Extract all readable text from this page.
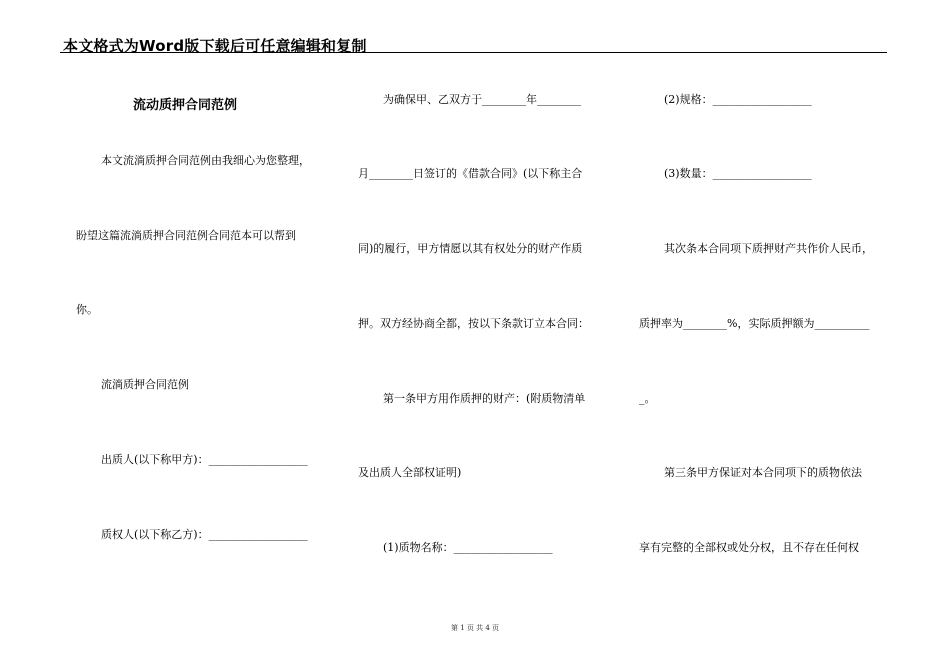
本文格式为Word版下载后可任意编辑和复制
流动质押合同范例
本文流淌质押合同范例由我细心为您整理，
盼望这篇流淌质押合同范例合同范本可以帮到
你。
流淌质押合同范例
出质人(以下称甲方)：__________________
质权人(以下称乙方)：__________________
为确保甲、乙双方于________年________
月________日签订的《借款合同》(以下称主合
同)的履行，甲方情愿以其有权处分的财产作质
押。双方经协商全都，按以下条款订立本合同：
第一条甲方用作质押的财产：(附质物清单
及出质人全部权证明)
(1)质物名称：__________________
(2)规格：__________________
(3)数量：__________________
其次条本合同项下质押财产共作价人民币，
质押率为________%，实际质押额为__________
_。
第三条甲方保证对本合同项下的质物依法
享有完整的全部权或处分权，且不存在任何权
第 1 页 共 4 页
